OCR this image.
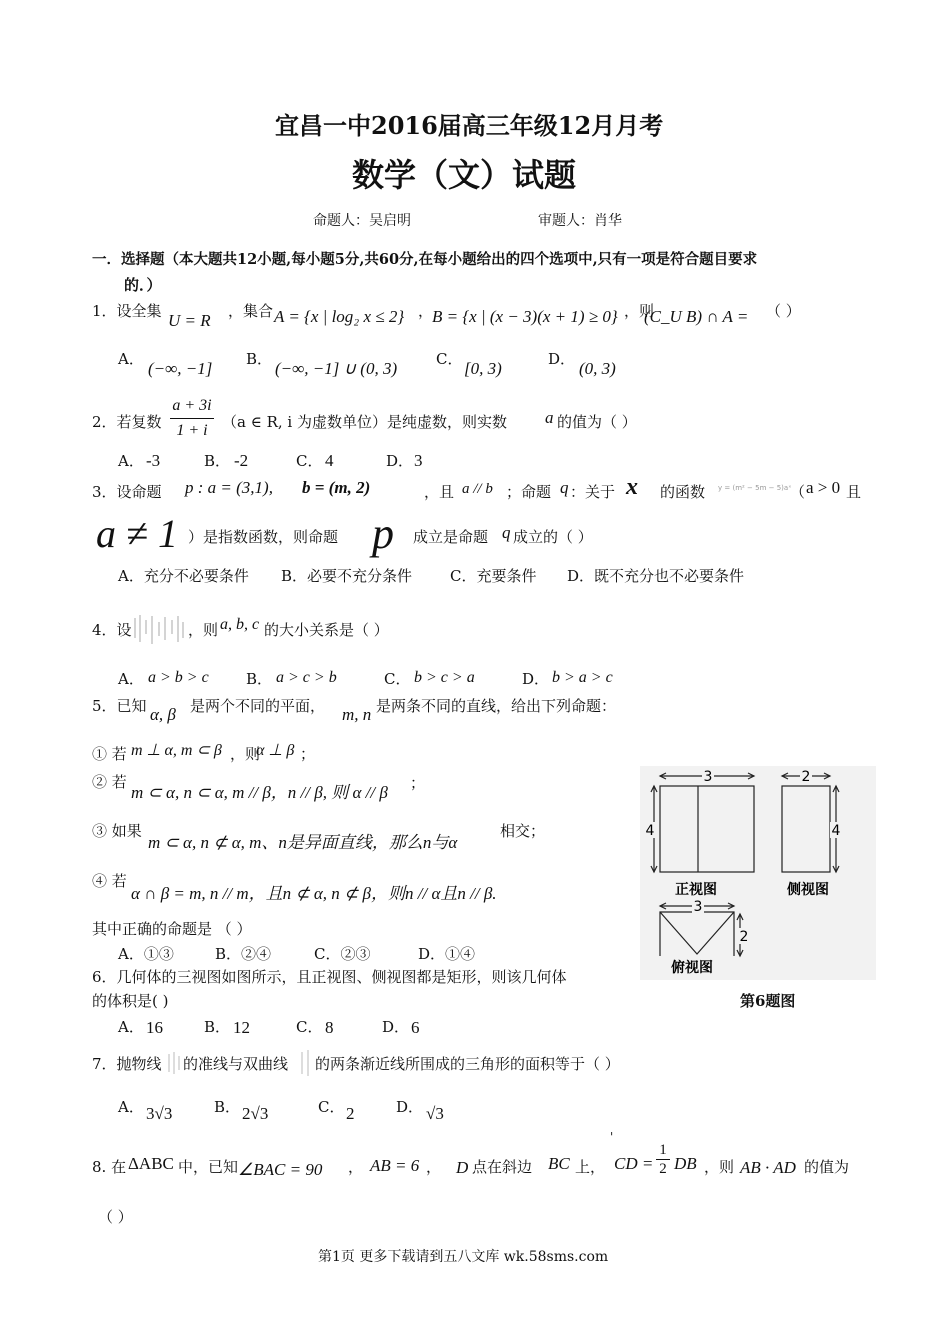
宜昌一中2016届高三年级12月月考
数学（文）试题
命题人：吴启明	审题人：肖华
一．选择题（本大题共12小题,每小题5分,共60分,在每小题给出的四个选项中,只有一项是符合题目要求
的．）
1．设全集 U = R ，集合 A = {x | log₂ x ≤ 2} ，
B = {x | (x − 3)(x + 1) ≥ 0} ，则
(C_U B) ∩ A = （ ）
A． (−∞, −1] B． (−∞, −1] ∪ (0, 3)	C． [0, 3)	D． (0, 3)
2．若复数
a + 3i
1 + i （a ∈ R, i 为虚数单位）是纯虚数，则实数 a 的值为（ ）
A． -3	B． -2	C． 4	D． 3
3．设命题 p : a = (3,1), b = (m, 2)	，且 a // b ；命题 q ：关于 x 的函数 y = (m² − 5m − 5)aˣ
（ a > 0 且
a ≠ 1 ）是指数函数，则命题 p 成立是命题 q 成立的（ ）
A．充分不必要条件 B．必要不充分条件	C．充要条件 D．既不充分也不必要条件
4．设	，则 a, b, c 的大小关系是（ ）
A． a > b > c B． a > c > b	C． b > c > a	D． b > a > c
5．已知 α, β 是两个不同的平面， m, n 是两条不同的直线，给出下列命题：
① 若 m ⊥ α, m ⊂ β ，则
α ⊥ β ；
② 若
m ⊂ α, n ⊂ α, m // β，n // β, 则 α // β ；
③ 如果
m ⊂ α, n ⊄ α, m、n是异面直线，那么n与α
相交；
④ 若
α ∩ β = m, n // m，且n ⊄ α, n ⊄ β，则n // α且n // β.
其中正确的命题是 （ ）
A．①③	B．②④	C．②③	D．①④
3
4
正视图
2
4
侧视图
3
2
俯视图
第6题图
6．几何体的三视图如图所示，且正视图、侧视图都是矩形，则该几何体
的体积是( )
A． 16	B． 12	C． 8	D． 6
7．抛物线 的准线与双曲线 的两条渐近线所围成的三角形的面积等于（ ）
A． 3√3	B． 2√3	C． 2	D． √3
'
8. 在 ΔABC 中，已知 ∠BAC = 90 ， AB = 6 ， D 点在斜边 BC 上， CD =
1
2 DB ，则 AB · AD 的值为
（ ）
第1页 更多下载请到五八文库 wk.58sms.com
